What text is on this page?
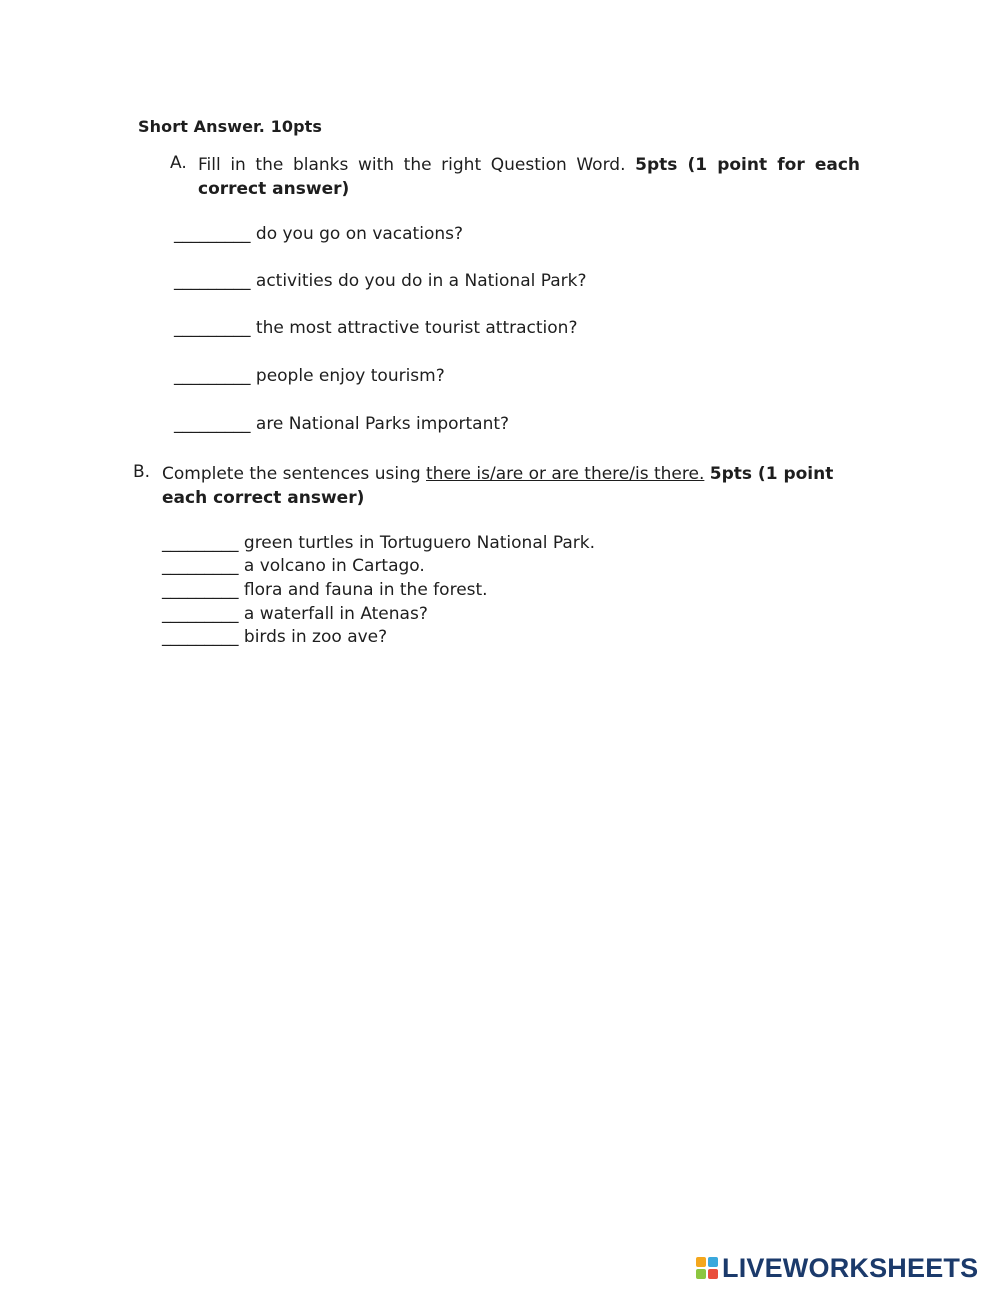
Short Answer. 10pts
A. Fill in the blanks with the right Question Word. 5pts (1 point for each correct answer)
_________ do you go on vacations?
_________ activities do you do in a National Park?
_________ the most attractive tourist attraction?
_________ people enjoy tourism?
_________ are National Parks important?
B. Complete the sentences using there is/are or are there/is there. 5pts (1 point each correct answer)
_________ green turtles in Tortuguero National Park.
_________ a volcano in Cartago.
_________ flora and fauna in the forest.
_________ a waterfall in Atenas?
_________ birds in zoo ave?
LIVEWORKSHEETS
